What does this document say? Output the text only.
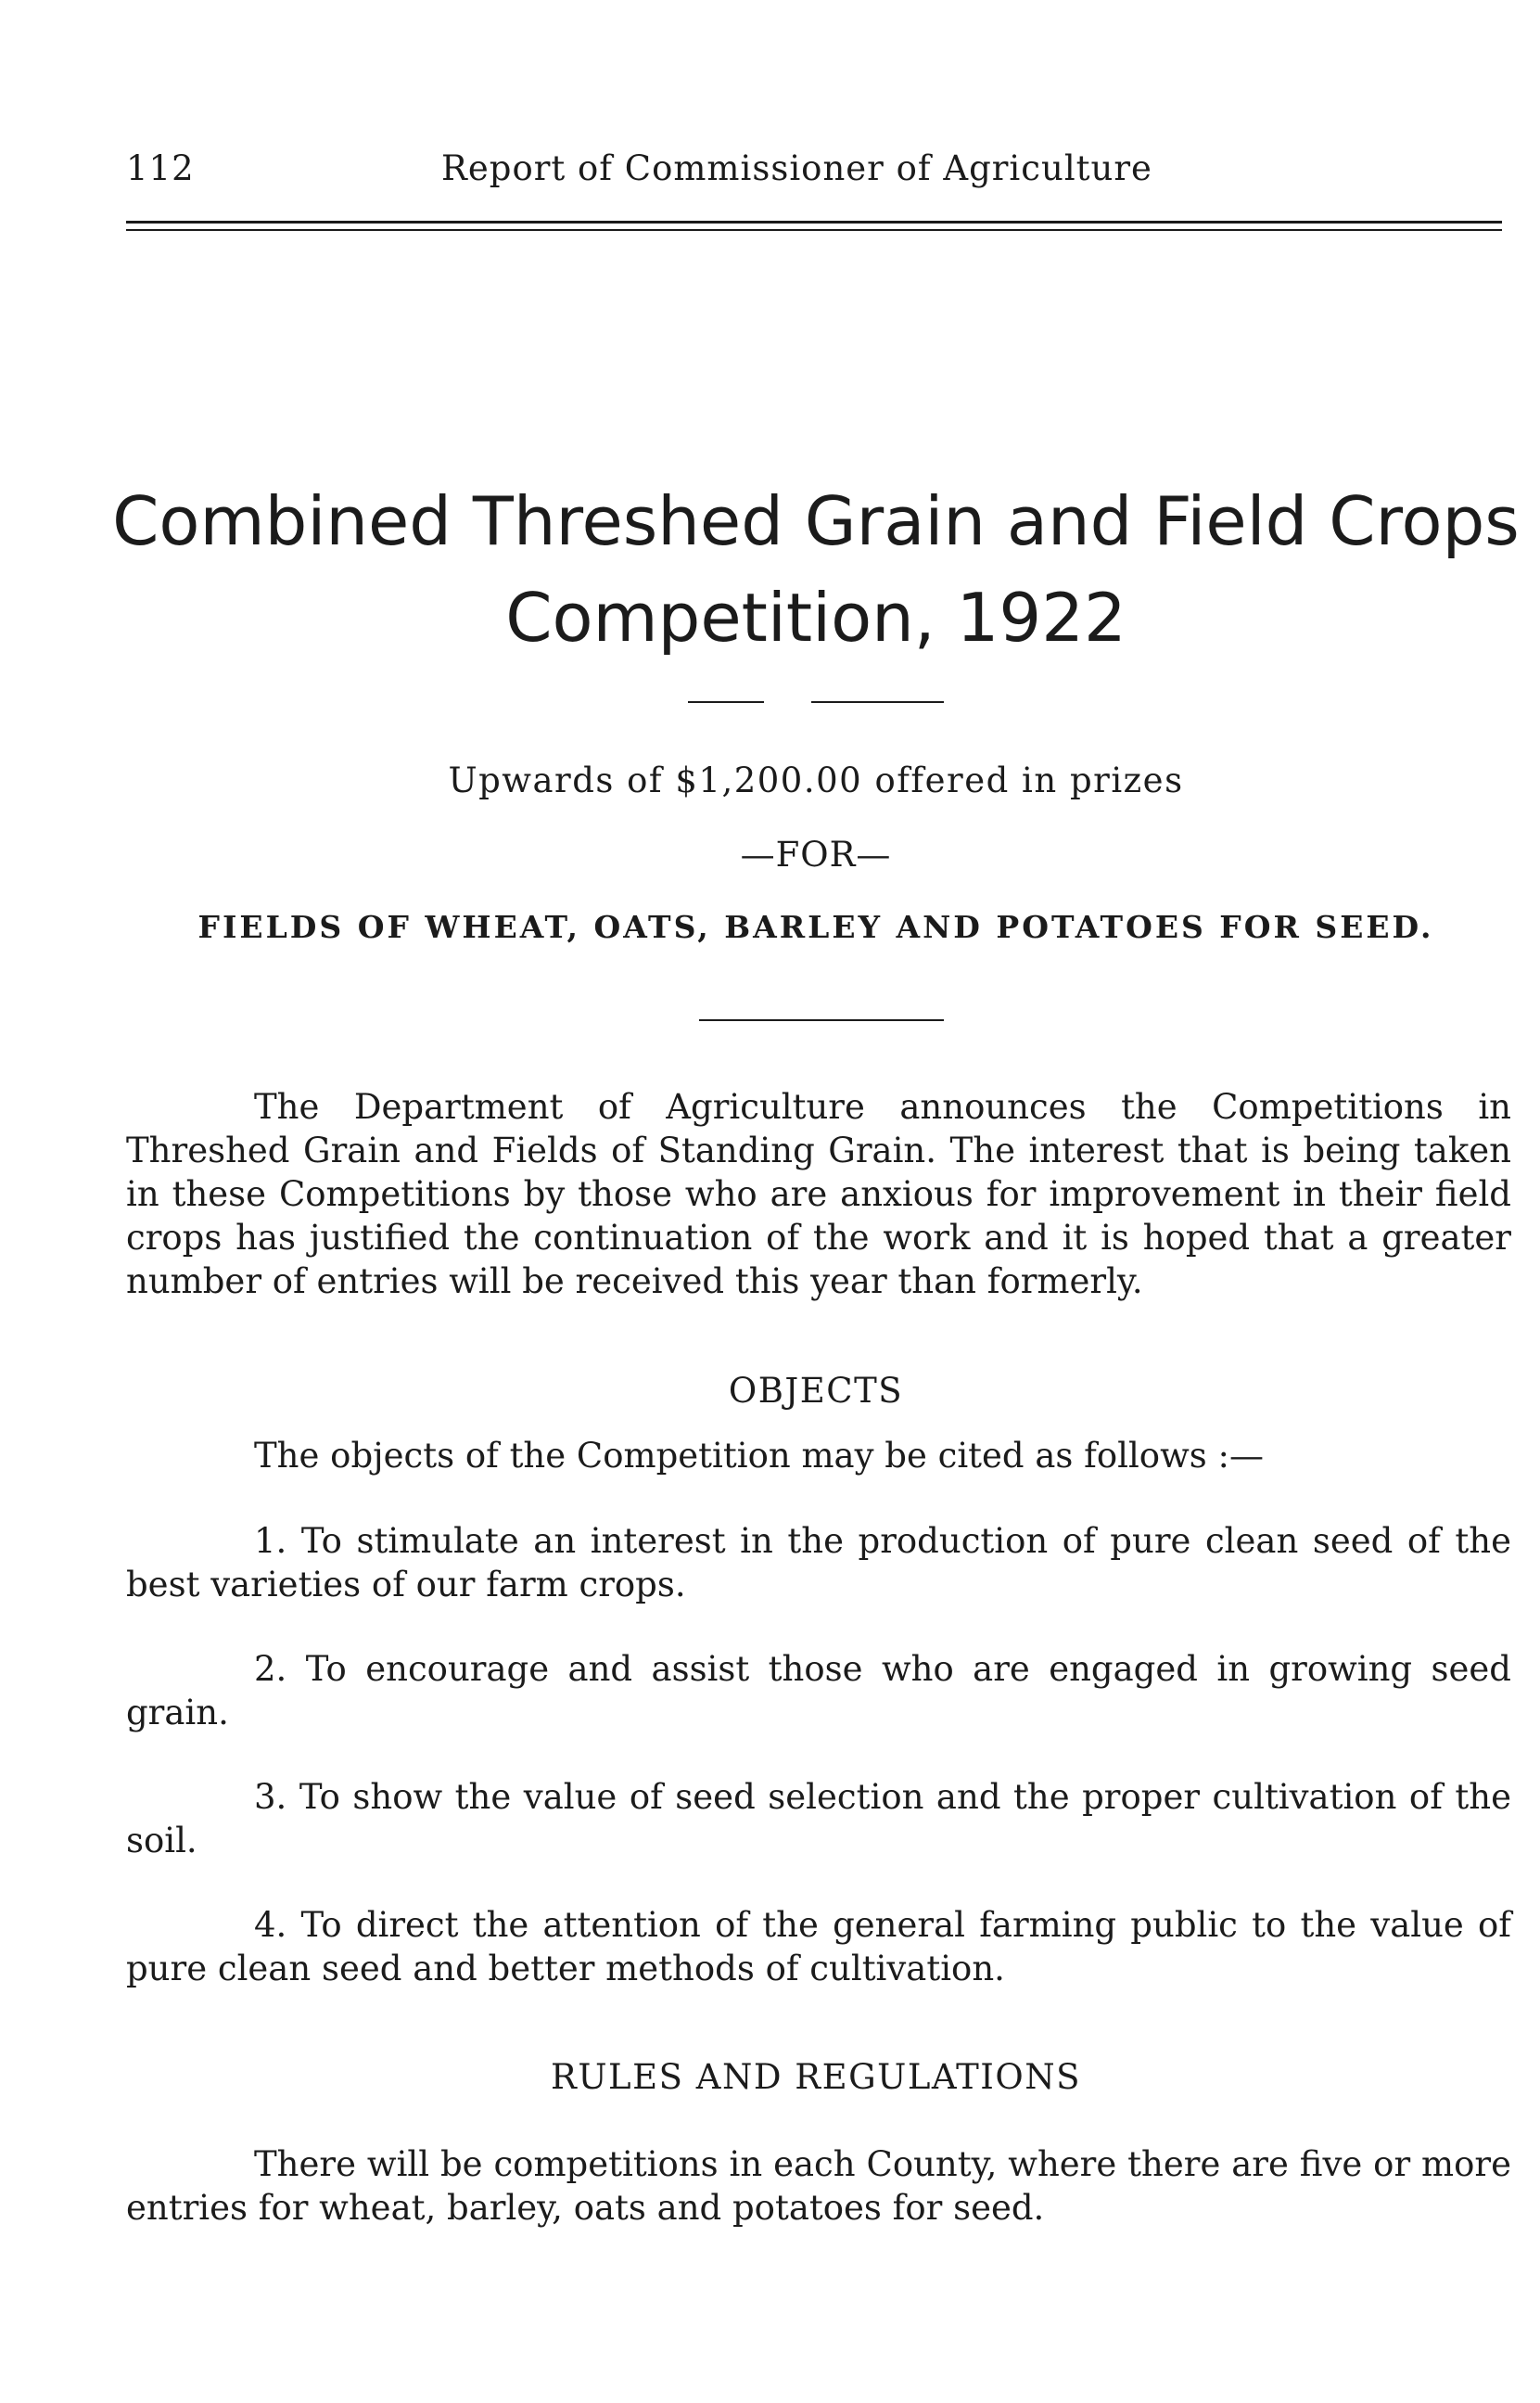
112	Report of Commissioner of Agriculture
Combined Threshed Grain and Field Crops
Competition, 1922
Upwards of $1,200.00 offered in prizes
—FOR—
FIELDS OF WHEAT, OATS, BARLEY AND POTATOES FOR SEED.

The Department of Agriculture announces the Competitions in Threshed Grain and Fields of Standing Grain. The interest that is being taken in these Competitions by those who are anxious for improvement in their field crops has justified the continuation of the work and it is hoped that a greater number of entries will be received this year than formerly.

OBJECTS

The objects of the Competition may be cited as follows :—

1. To stimulate an interest in the production of pure clean seed of the best varieties of our farm crops.

2. To encourage and assist those who are engaged in growing seed grain.

3. To show the value of seed selection and the proper cultivation of the soil.

4. To direct the attention of the general farming public to the value of pure clean seed and better methods of cultivation.

RULES AND REGULATIONS

There will be competitions in each County, where there are five or more entries for wheat, barley, oats and potatoes for seed.
